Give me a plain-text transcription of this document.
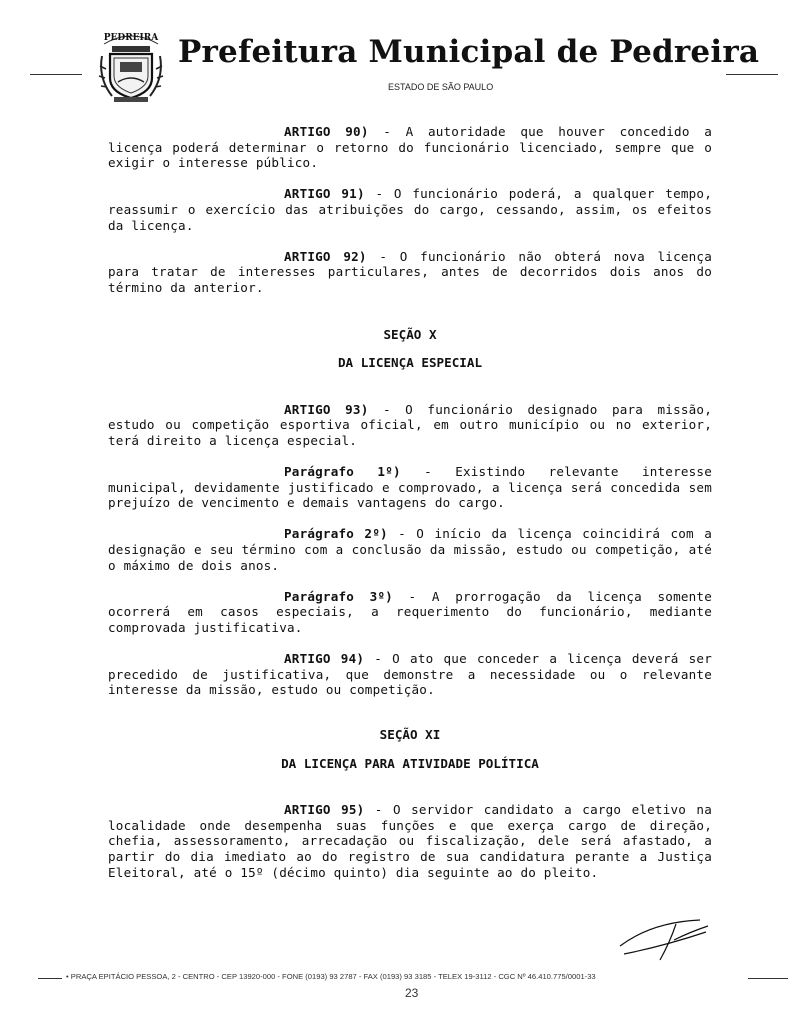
PEDREIRA Prefeitura Municipal de Pedreira
ESTADO DE SÃO PAULO

ARTIGO 90) - A autoridade que houver concedido a licença poderá determinar o retorno do funcionário licenciado, sempre que o exigir o interesse público.

ARTIGO 91) - O funcionário poderá, a qualquer tempo, reassumir o exercício das atribuições do cargo, cessando, assim, os efeitos da licença.

ARTIGO 92) - O funcionário não obterá nova licença para tratar de interesses particulares, antes de decorridos dois anos do término da anterior.

SEÇÃO X

DA LICENÇA ESPECIAL

ARTIGO 93) - O funcionário designado para missão, estudo ou competição esportiva oficial, em outro município ou no exterior, terá direito a licença especial.

Parágrafo 1º) - Existindo relevante interesse municipal, devidamente justificado e comprovado, a licença será concedida sem prejuízo de vencimento e demais vantagens do cargo.

Parágrafo 2º) - O início da licença coincidirá com a designação e seu término com a conclusão da missão, estudo ou competição, até o máximo de dois anos.

Parágrafo 3º) - A prorrogação da licença somente ocorrerá em casos especiais, a requerimento do funcionário, mediante comprovada justificativa.

ARTIGO 94) - O ato que conceder a licença deverá ser precedido de justificativa, que demonstre a necessidade ou o relevante interesse da missão, estudo ou competição.

SEÇÃO XI

DA LICENÇA PARA ATIVIDADE POLÍTICA

ARTIGO 95) - O servidor candidato a cargo eletivo na localidade onde desempenha suas funções e que exerça cargo de direção, chefia, assessoramento, arrecadação ou fiscalização, dele será afastado, a partir do dia imediato ao do registro de sua candidatura perante a Justiça Eleitoral, até o 15º (décimo quinto) dia seguinte ao do pleito.

• PRAÇA EPITÁCIO PESSOA, 2 - CENTRO - CEP 13920-000 - FONE (0193) 93 2787 - FAX (0193) 93 3185 - TELEX 19-3112 - CGC Nº 46.410.775/0001-33
23
